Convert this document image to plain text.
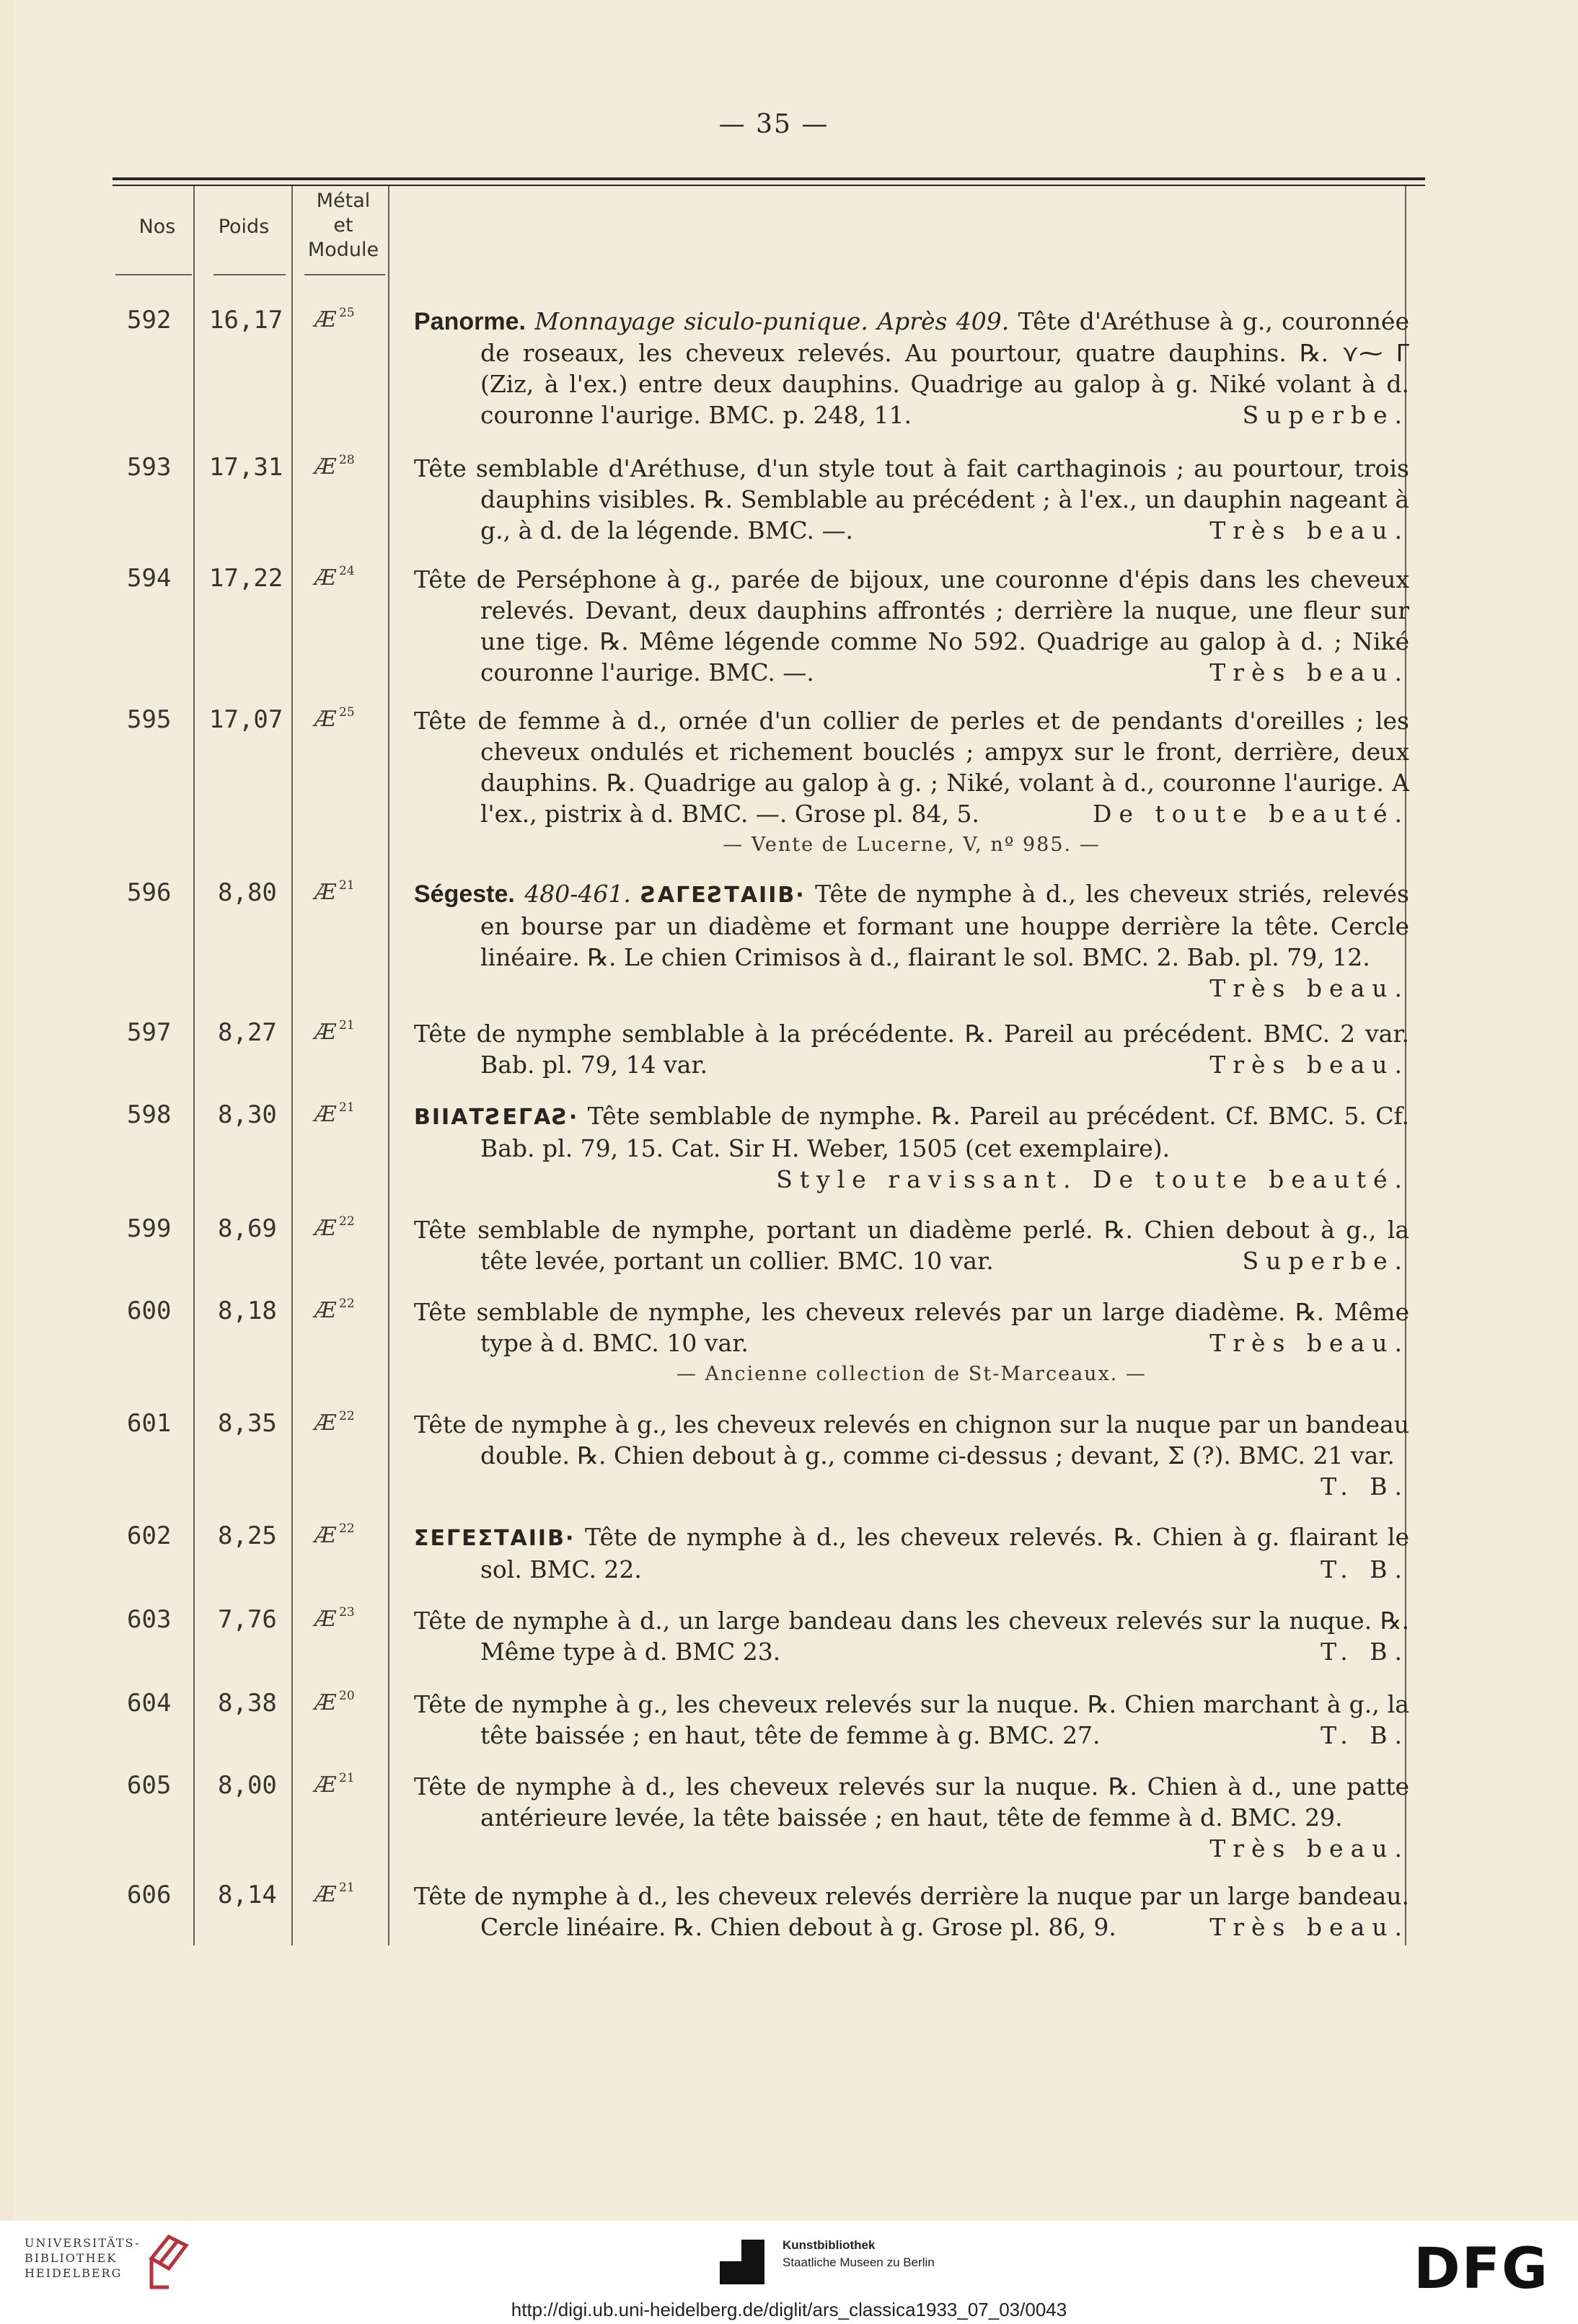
— 35 —
Nos	Poids
Métal
et
Module
592 16,17 Æ $^{25}$ Panorme. Monnayage siculo-punique. Après 409. Tête d'Aréthuse à g., couronnée de roseaux, les cheveux relevés. Au pourtour, quatre dauphins. ℞. ⋎⁓ ᒥ (Ziz, à l'ex.) entre deux dauphins. Quadrige au galop à g. Niké volant à d. couronne l'aurige. BMC. p. 248, 11.	Superbe.
593 17,31 Æ $^{28}$ Tête semblable d'Aréthuse, d'un style tout à fait carthaginois ; au pourtour, trois dauphins visibles. ℞. Semblable au précédent ; à l'ex., un dauphin nageant à g., à d. de la légende. BMC. —.	Très beau.
594 17,22 Æ $^{24}$ Tête de Perséphone à g., parée de bijoux, une couronne d'épis dans les cheveux relevés. Devant, deux dauphins affrontés ; derrière la nuque, une fleur sur une tige. ℞. Même légende comme No 592. Quadrige au galop à d. ; Niké couronne l'aurige. BMC. —.	Très beau.
595 17,07 Æ $^{25}$ Tête de femme à d., ornée d'un collier de perles et de pendants d'oreilles ; les cheveux ondulés et richement bouclés ; ampyx sur le front, derrière, deux dauphins. ℞. Quadrige au galop à g. ; Niké, volant à d., couronne l'aurige. A l'ex., pistrix à d. BMC. —. Grose pl. 84, 5.	De toute beauté.
— Vente de Lucerne, V, nº 985. —
596 8,80 Æ $^{21}$ Ségeste. 480-461. ƧΑΓΕƧΤΑΙΙΒ· Tête de nymphe à d., les cheveux striés, relevés en bourse par un diadème et formant une houppe derrière la tête. Cercle linéaire. ℞. Le chien Crimisos à d., flairant le sol. BMC. 2. Bab. pl. 79, 12.
Très beau.
597 8,27 Æ $^{21}$ Tête de nymphe semblable à la précédente. ℞. Pareil au précédent. BMC. 2 var. Bab. pl. 79, 14 var.	Très beau.
598 8,30 Æ $^{21}$	ΒΙΙΑΤƧΕΓΑƧ· Tête semblable de nymphe. ℞. Pareil au précédent. Cf. BMC. 5. Cf. Bab. pl. 79, 15. Cat. Sir H. Weber, 1505 (cet exemplaire).
Style ravissant. De toute beauté.
599 8,69 Æ $^{22}$ Tête semblable de nymphe, portant un diadème perlé. ℞. Chien debout à g., la tête levée, portant un collier. BMC. 10 var.	Superbe.
600 8,18 Æ $^{22}$ Tête semblable de nymphe, les cheveux relevés par un large diadème. ℞. Même type à d. BMC. 10 var.	Très beau.
— Ancienne collection de St-Marceaux. —
601 8,35 Æ $^{22}$ Tête de nymphe à g., les cheveux relevés en chignon sur la nuque par un bandeau double. ℞. Chien debout à g., comme ci-dessus ; devant, Ʃ (?). BMC. 21 var.
T. B.
602 8,25 Æ $^{22}$	ΣΕΓΕΣΤΑΙΙΒ· Tête de nymphe à d., les cheveux relevés. ℞. Chien à g. flairant le sol. BMC. 22.	T. B.
603 7,76 Æ $^{23}$ Tête de nymphe à d., un large bandeau dans les cheveux relevés sur la nuque. ℞. Même type à d. BMC 23.	T. B.
604 8,38 Æ $^{20}$ Tête de nymphe à g., les cheveux relevés sur la nuque. ℞. Chien marchant à g., la tête baissée ; en haut, tête de femme à g. BMC. 27.	T. B.
605 8,00 Æ $^{21}$ Tête de nymphe à d., les cheveux relevés sur la nuque. ℞. Chien à d., une patte antérieure levée, la tête baissée ; en haut, tête de femme à d. BMC. 29.
Très beau.
606 8,14 Æ $^{21}$ Tête de nymphe à d., les cheveux relevés derrière la nuque par un large bandeau. Cercle linéaire. ℞. Chien debout à g. Grose pl. 86, 9.	Très beau.
UNIVERSITÄTS-
BIBLIOTHEK
HEIDELBERG
Kunstbibliothek
Staatliche Museen zu Berlin	DFG
http://digi.ub.uni-heidelberg.de/diglit/ars_classica1933_07_03/0043
